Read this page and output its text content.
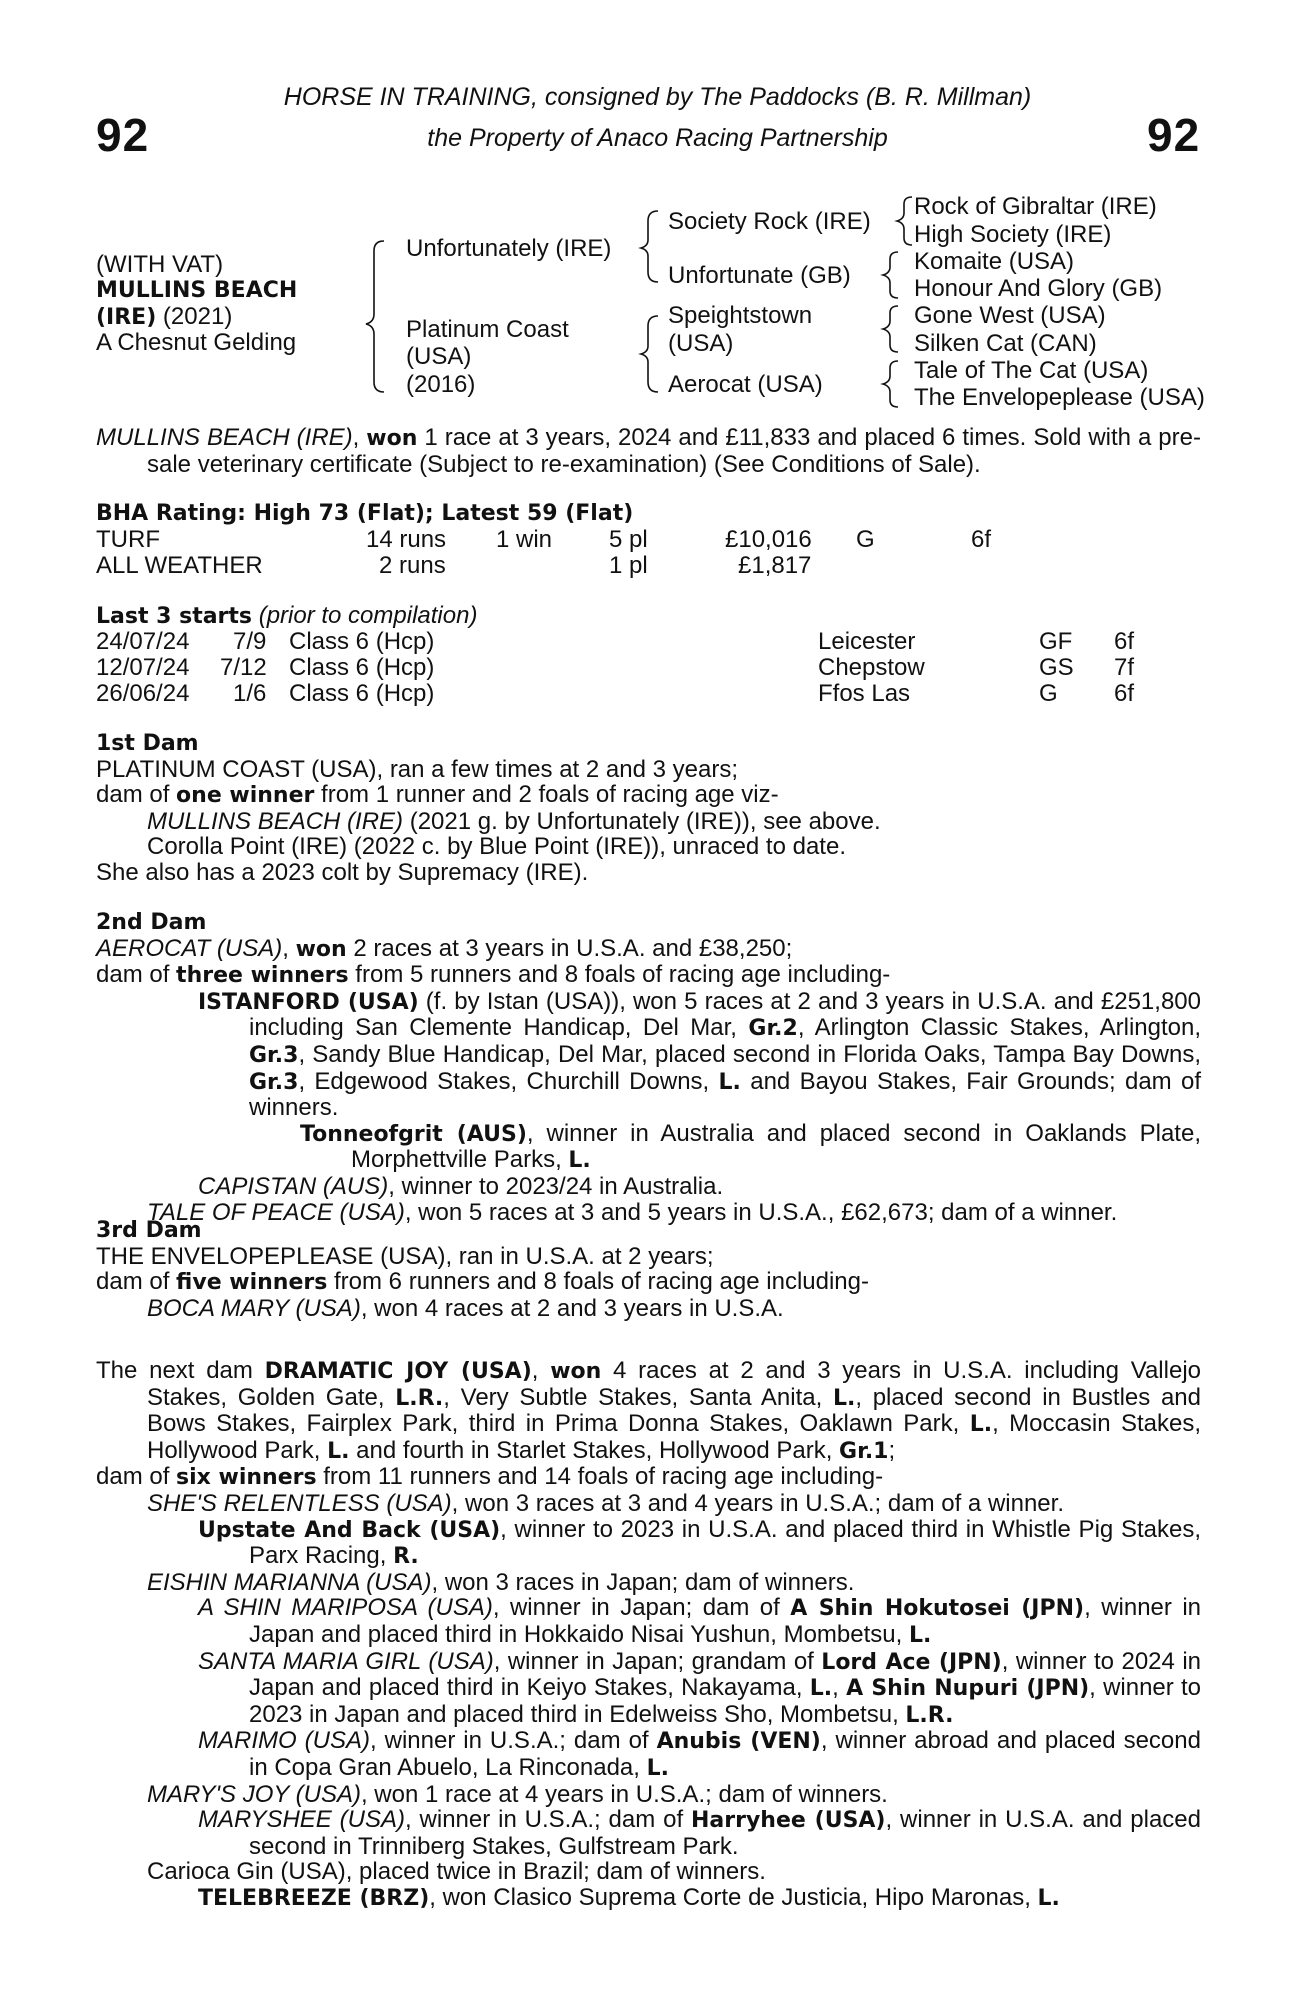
92	92
HORSE IN TRAINING, consigned by The Paddocks (B. R. Millman)
the Property of Anaco Racing Partnership
(WITH VAT)
MULLINS BEACH
(IRE) (2021)
A Chesnut Gelding
Unfortunately (IRE)
Platinum Coast
(USA)
(2016)
Society Rock (IRE)
Unfortunate (GB)
Speightstown
(USA)
Aerocat (USA)
Rock of Gibraltar (IRE)
High Society (IRE)
Komaite (USA)
Honour And Glory (GB)
Gone West (USA)
Silken Cat (CAN)
Tale of The Cat (USA)
The Envelopeplease (USA)

MULLINS BEACH (IRE), won 1 race at 3 years, 2024 and £11,833 and placed 6 times. Sold with a pre-sale veterinary certificate (Subject to re-examination) (See Conditions of Sale).

BHA Rating: High 73 (Flat); Latest 59 (Flat)

TURF	14 runs 1 win 5 pl	£10,016 G	6f
ALL WEATHER	2 runs	1 pl	£1,817

Last 3 starts (prior to compilation)

24/07/24 7/9 Class 6 (Hcp)	Leicester	GF 6f
12/07/24 7/12 Class 6 (Hcp)	Chepstow	GS 7f
26/06/24 1/6 Class 6 (Hcp)	Ffos Las	G 6f

1st Dam

PLATINUM COAST (USA), ran a few times at 2 and 3 years;

dam of one winner from 1 runner and 2 foals of racing age viz-

MULLINS BEACH (IRE) (2021 g. by Unfortunately (IRE)), see above.

Corolla Point (IRE) (2022 c. by Blue Point (IRE)), unraced to date.

She also has a 2023 colt by Supremacy (IRE).

2nd Dam

AEROCAT (USA), won 2 races at 3 years in U.S.A. and £38,250;

dam of three winners from 5 runners and 8 foals of racing age including-

ISTANFORD (USA) (f. by Istan (USA)), won 5 races at 2 and 3 years in U.S.A. and £251,800 including San Clemente Handicap, Del Mar, Gr.2, Arlington Classic Stakes, Arlington, Gr.3, Sandy Blue Handicap, Del Mar, placed second in Florida Oaks, Tampa Bay Downs, Gr.3, Edgewood Stakes, Churchill Downs, L. and Bayou Stakes, Fair Grounds; dam of winners.

Tonneofgrit (AUS), winner in Australia and placed second in Oaklands Plate, Morphettville Parks, L.

CAPISTAN (AUS), winner to 2023/24 in Australia.

TALE OF PEACE (USA), won 5 races at 3 and 5 years in U.S.A., £62,673; dam of a winner.

3rd Dam

THE ENVELOPEPLEASE (USA), ran in U.S.A. at 2 years;

dam of five winners from 6 runners and 8 foals of racing age including-

BOCA MARY (USA), won 4 races at 2 and 3 years in U.S.A.

The next dam DRAMATIC JOY (USA), won 4 races at 2 and 3 years in U.S.A. including Vallejo Stakes, Golden Gate, L.R., Very Subtle Stakes, Santa Anita, L., placed second in Bustles and Bows Stakes, Fairplex Park, third in Prima Donna Stakes, Oaklawn Park, L., Moccasin Stakes, Hollywood Park, L. and fourth in Starlet Stakes, Hollywood Park, Gr.1;

dam of six winners from 11 runners and 14 foals of racing age including-

SHE'S RELENTLESS (USA), won 3 races at 3 and 4 years in U.S.A.; dam of a winner.

Upstate And Back (USA), winner to 2023 in U.S.A. and placed third in Whistle Pig Stakes, Parx Racing, R.

EISHIN MARIANNA (USA), won 3 races in Japan; dam of winners.

A SHIN MARIPOSA (USA), winner in Japan; dam of A Shin Hokutosei (JPN), winner in Japan and placed third in Hokkaido Nisai Yushun, Mombetsu, L.

SANTA MARIA GIRL (USA), winner in Japan; grandam of Lord Ace (JPN), winner to 2024 in Japan and placed third in Keiyo Stakes, Nakayama, L., A Shin Nupuri (JPN), winner to 2023 in Japan and placed third in Edelweiss Sho, Mombetsu, L.R.

MARIMO (USA), winner in U.S.A.; dam of Anubis (VEN), winner abroad and placed second in Copa Gran Abuelo, La Rinconada, L.

MARY'S JOY (USA), won 1 race at 4 years in U.S.A.; dam of winners.

MARYSHEE (USA), winner in U.S.A.; dam of Harryhee (USA), winner in U.S.A. and placed second in Trinniberg Stakes, Gulfstream Park.

Carioca Gin (USA), placed twice in Brazil; dam of winners.

TELEBREEZE (BRZ), won Clasico Suprema Corte de Justicia, Hipo Maronas, L.
